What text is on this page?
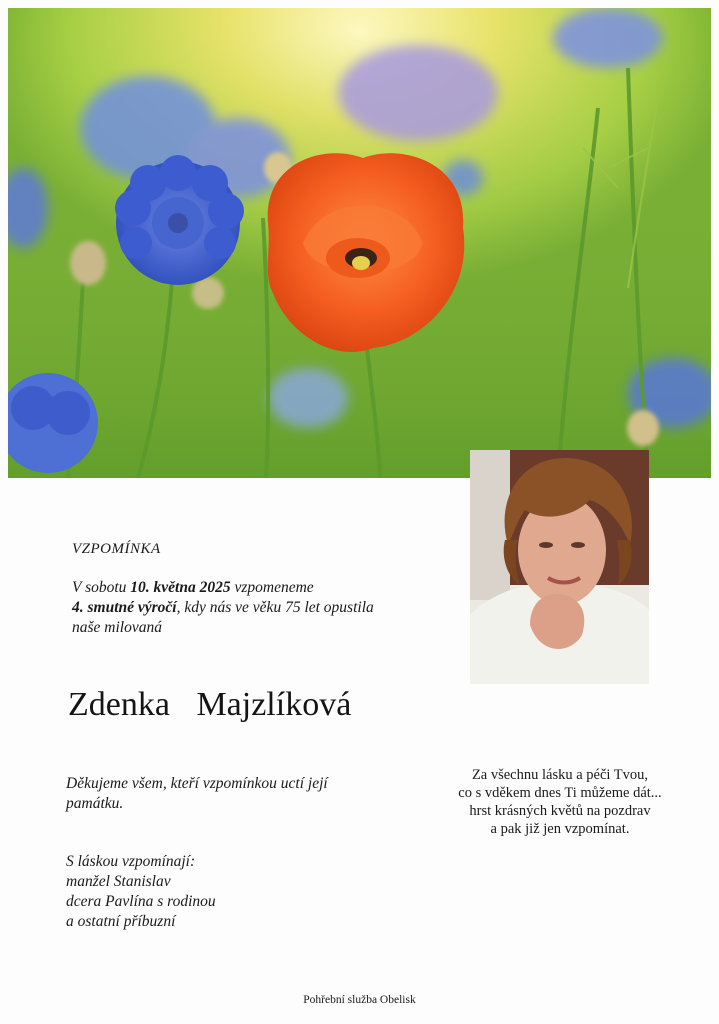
VZPOMÍNKA
V sobotu 10. května 2025 vzpomeneme
4. smutné výročí, kdy nás ve věku 75 let opustila
naše milovaná
Zdenka Majzlíková
Děkujeme všem, kteří vzpomínkou uctí její památku.
S láskou vzpomínají:
manžel Stanislav
dcera Pavlína s rodinou
a ostatní příbuzní
Za všechnu lásku a péči Tvou,
co s vděkem dnes Ti můžeme dát...
hrst krásných květů na pozdrav
a pak již jen vzpomínat.
Pohřební služba Obelisk
